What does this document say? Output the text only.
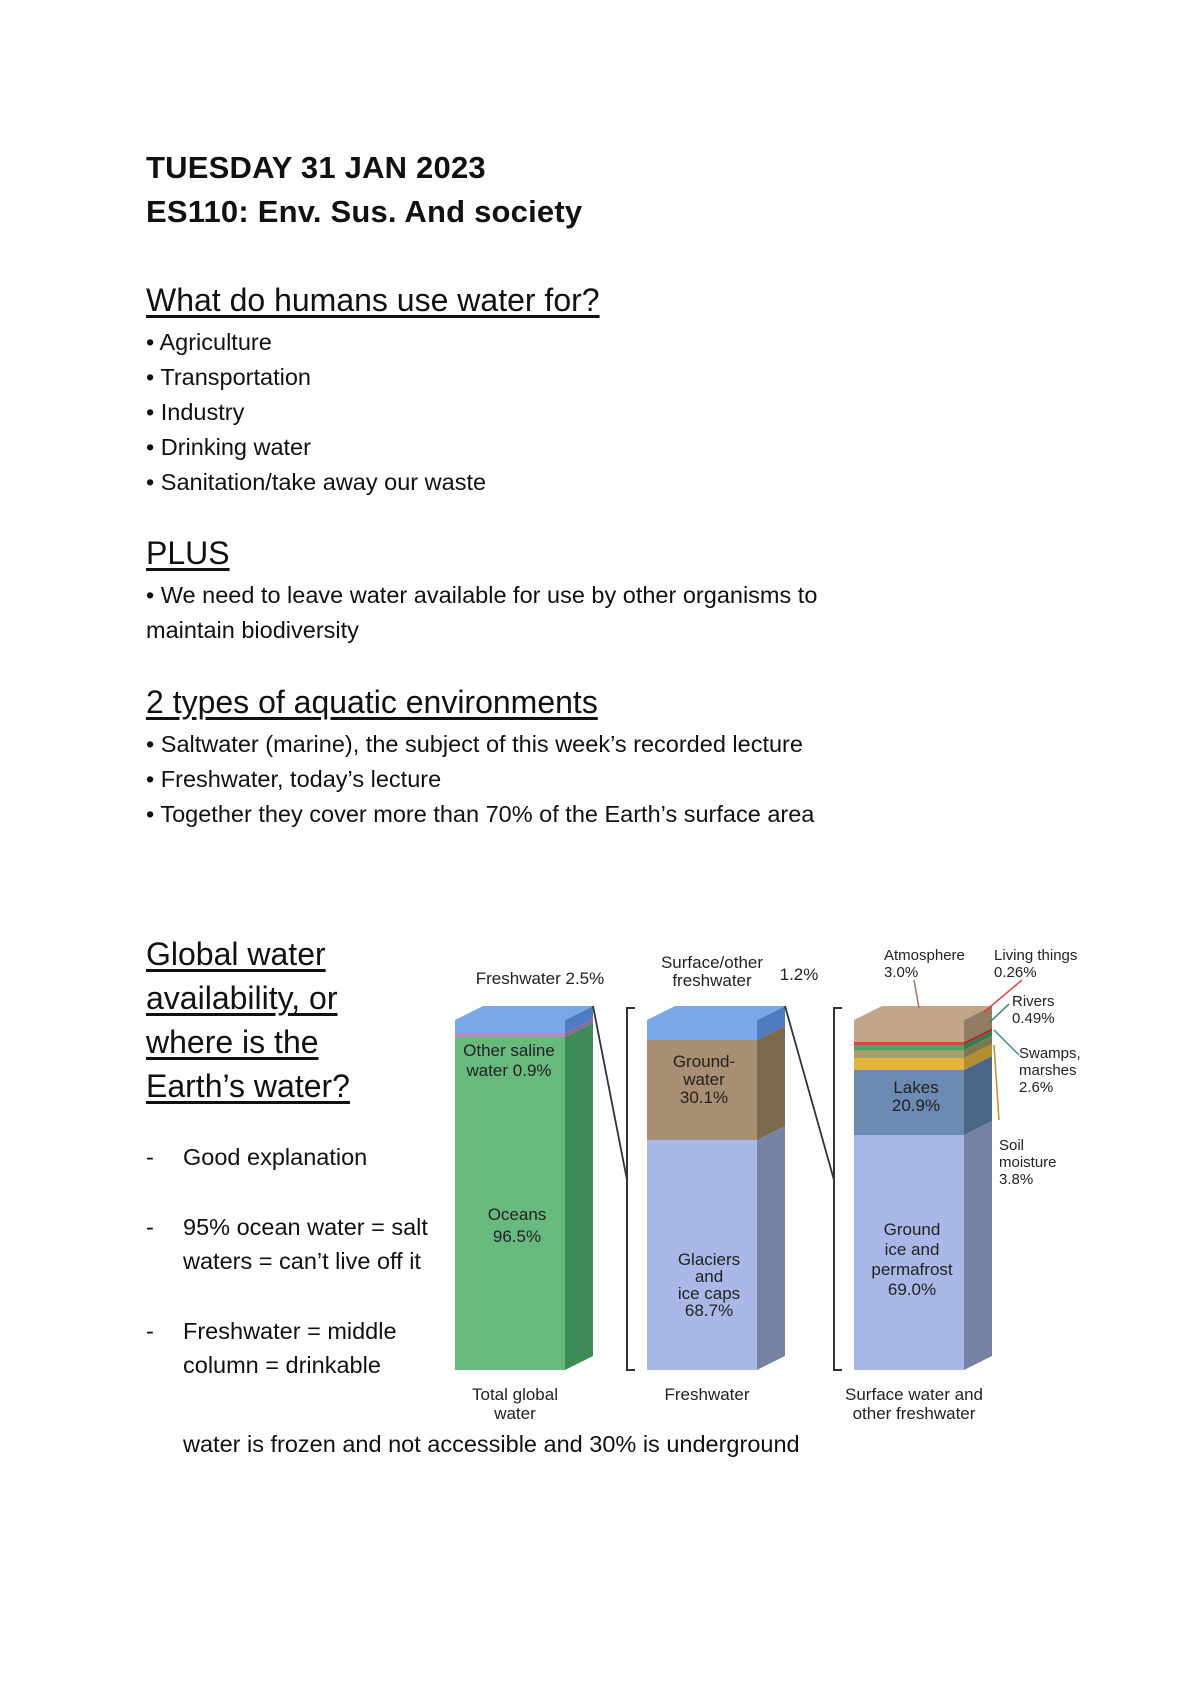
TUESDAY 31 JAN 2023
ES110: Env. Sus. And society
What do humans use water for?
• Agriculture
• Transportation
• Industry
• Drinking water
• Sanitation/take away our waste
PLUS
• We need to leave water available for use by other organisms to maintain biodiversity
2 types of aquatic environments
• Saltwater (marine), the subject of this week’s recorded lecture
• Freshwater, today’s lecture
• Together they cover more than 70% of the Earth’s surface area
Global water
availability, or
where is the
Earth’s water?
- Good explanation
- 95% ocean water = salt waters = can’t live off it
- Freshwater = middle column = drinkable
water is frozen and not accessible and 30% is underground
Total global water
Freshwater	Surface water and other freshwater
Oceans 96.5%
Other saline water 0.9%
Freshwater 2.5%
Glaciers and ice caps 68.7%
Ground-water 30.1%
Surface/other freshwater	1.2%
Ground ice and permafrost 69.0%
Lakes 20.9%
Atmosphere 3.0%
Living things 0.26%
Rivers 0.49%
Swamps, marshes 2.6%
Soil moisture 3.8%
